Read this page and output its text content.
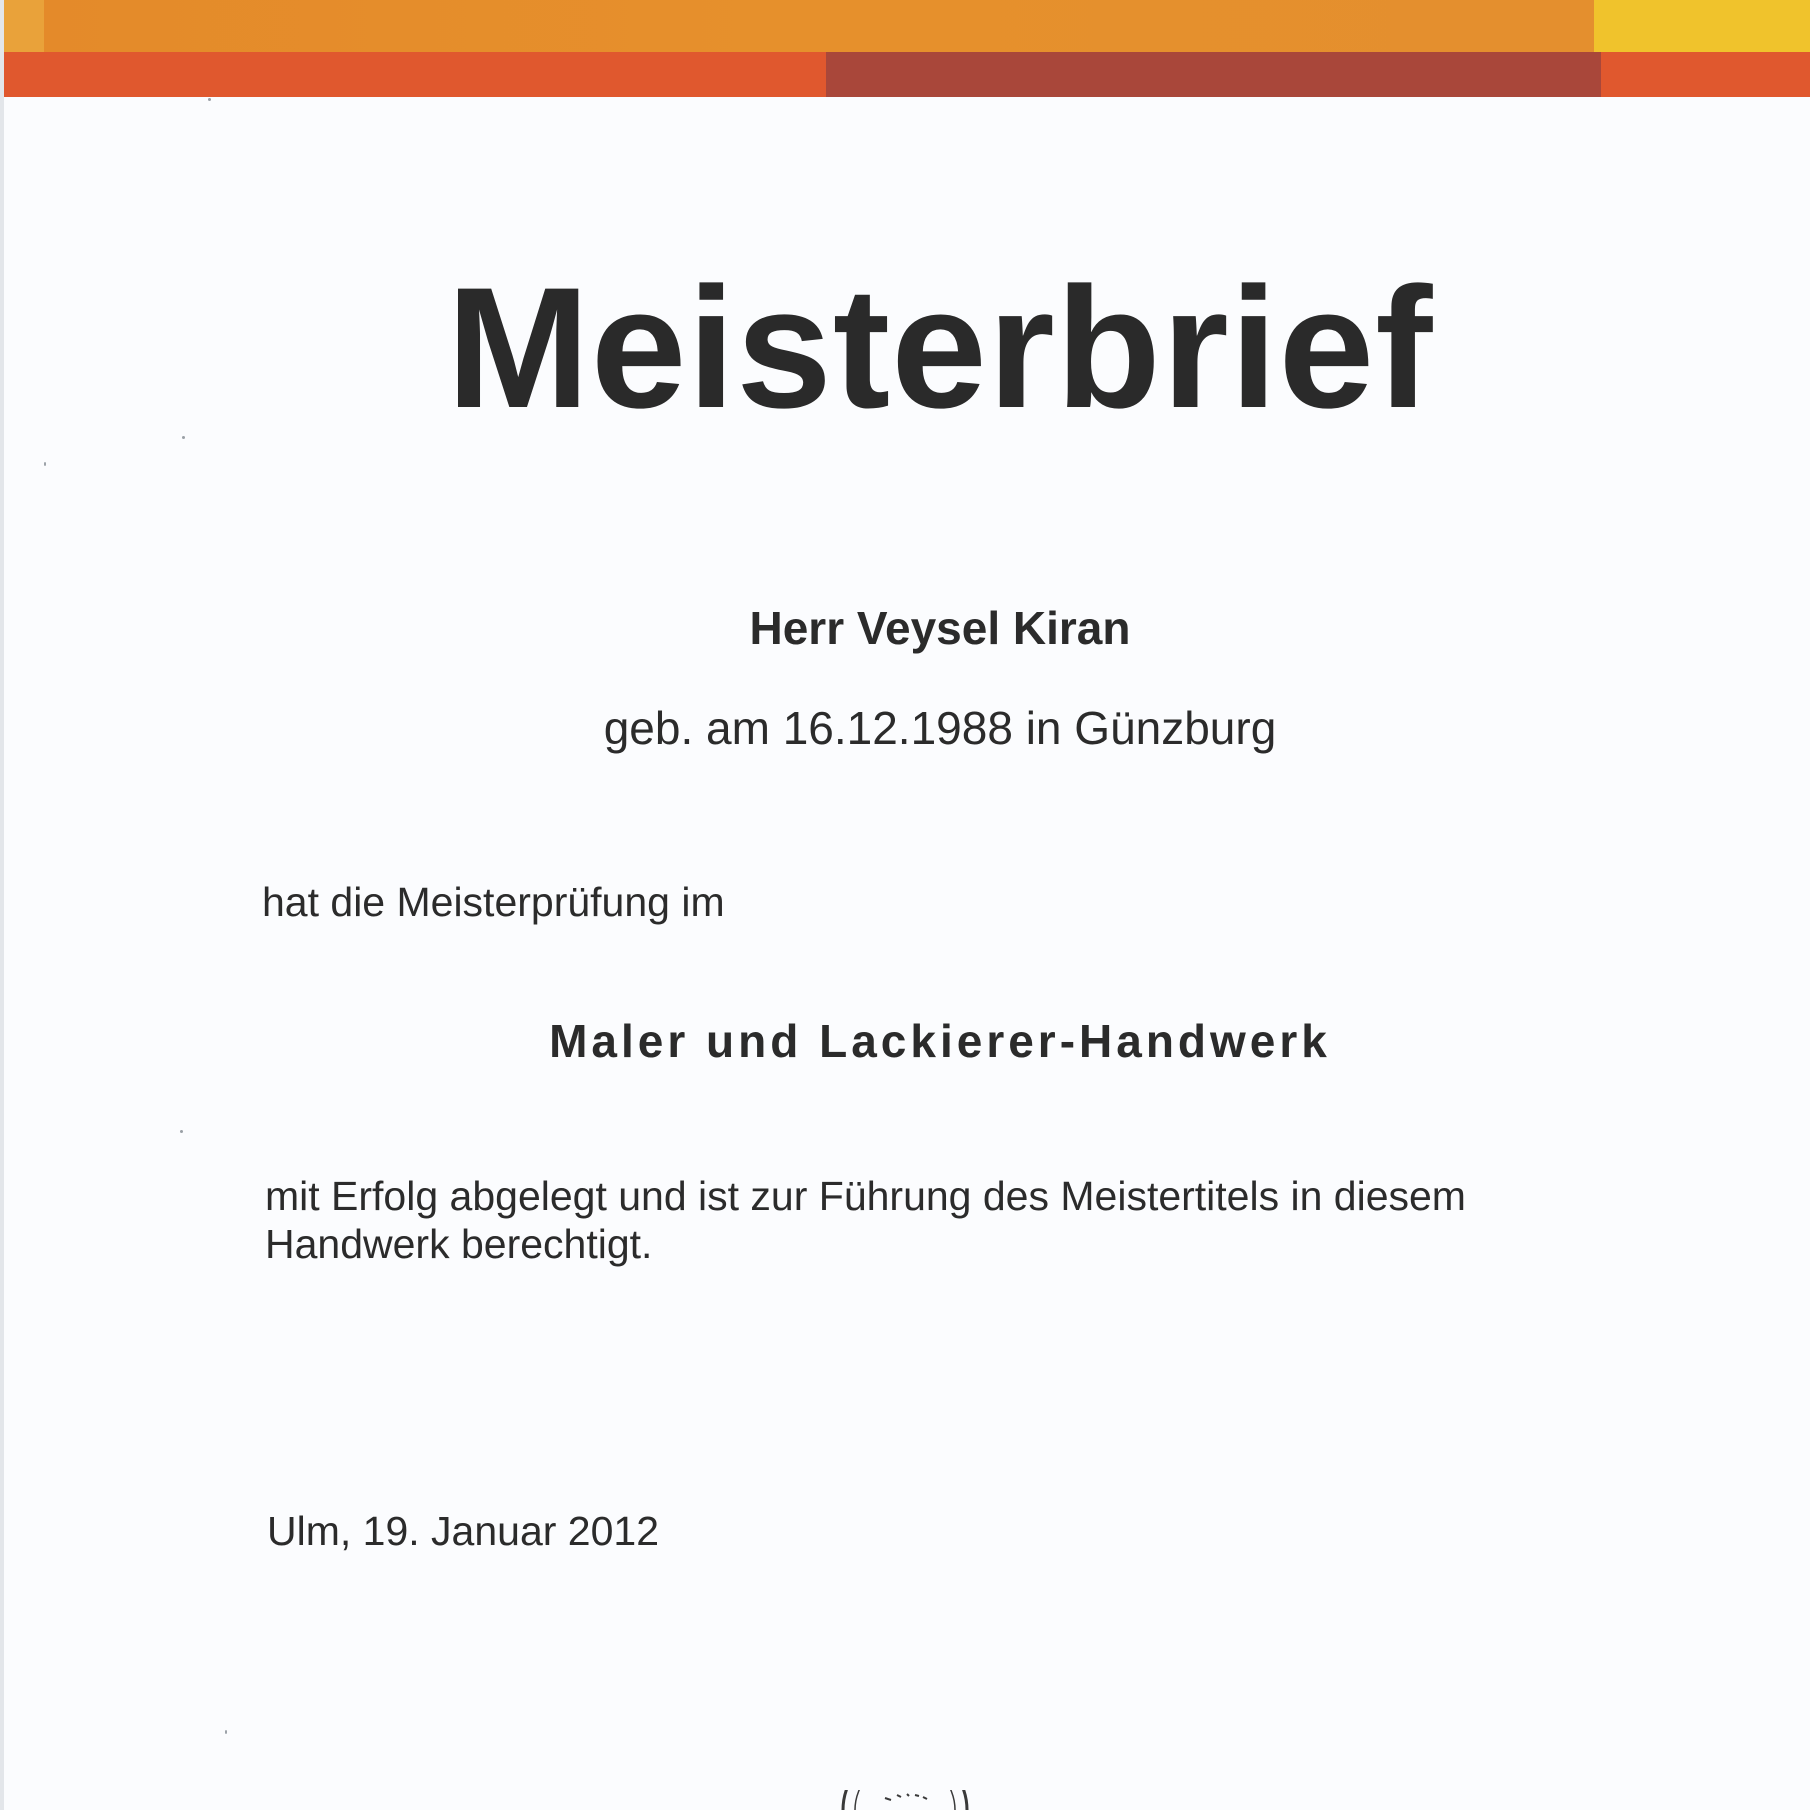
Meisterbrief
Herr Veysel Kiran
geb. am 16.12.1988 in Günzburg
hat die Meisterprüfung im
Maler und Lackierer-Handwerk
mit Erfolg abgelegt und ist zur Führung des Meistertitels in diesem
Handwerk berechtigt.
Ulm, 19. Januar 2012
